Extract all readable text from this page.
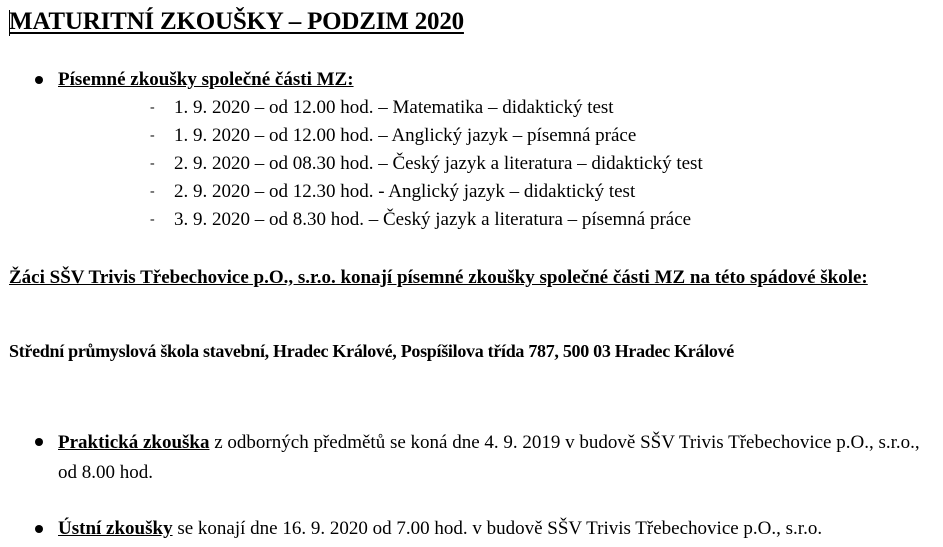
MATURITNÍ ZKOUŠKY – PODZIM 2020
Písemné zkoušky společné části MZ:
- 1. 9. 2020 – od 12.00 hod. – Matematika – didaktický test
- 1. 9. 2020 – od 12.00 hod. – Anglický jazyk – písemná práce
- 2. 9. 2020 – od 08.30 hod. – Český jazyk a literatura – didaktický test
- 2. 9. 2020 – od 12.30 hod. - Anglický jazyk – didaktický test
- 3. 9. 2020 – od 8.30 hod. – Český jazyk a literatura – písemná práce

Žáci SŠV Trivis Třebechovice p.O., s.r.o. konají písemné zkoušky společné části MZ na této spádové škole:

Střední průmyslová škola stavební, Hradec Králové, Pospíšilova třída 787, 500 03 Hradec Králové

Praktická zkouška z odborných předmětů se koná dne 4. 9. 2019 v budově SŠV Trivis Třebechovice p.O., s.r.o., od 8.00 hod.
Ústní zkoušky se konají dne 16. 9. 2020 od 7.00 hod. v budově SŠV Trivis Třebechovice p.O., s.r.o.
